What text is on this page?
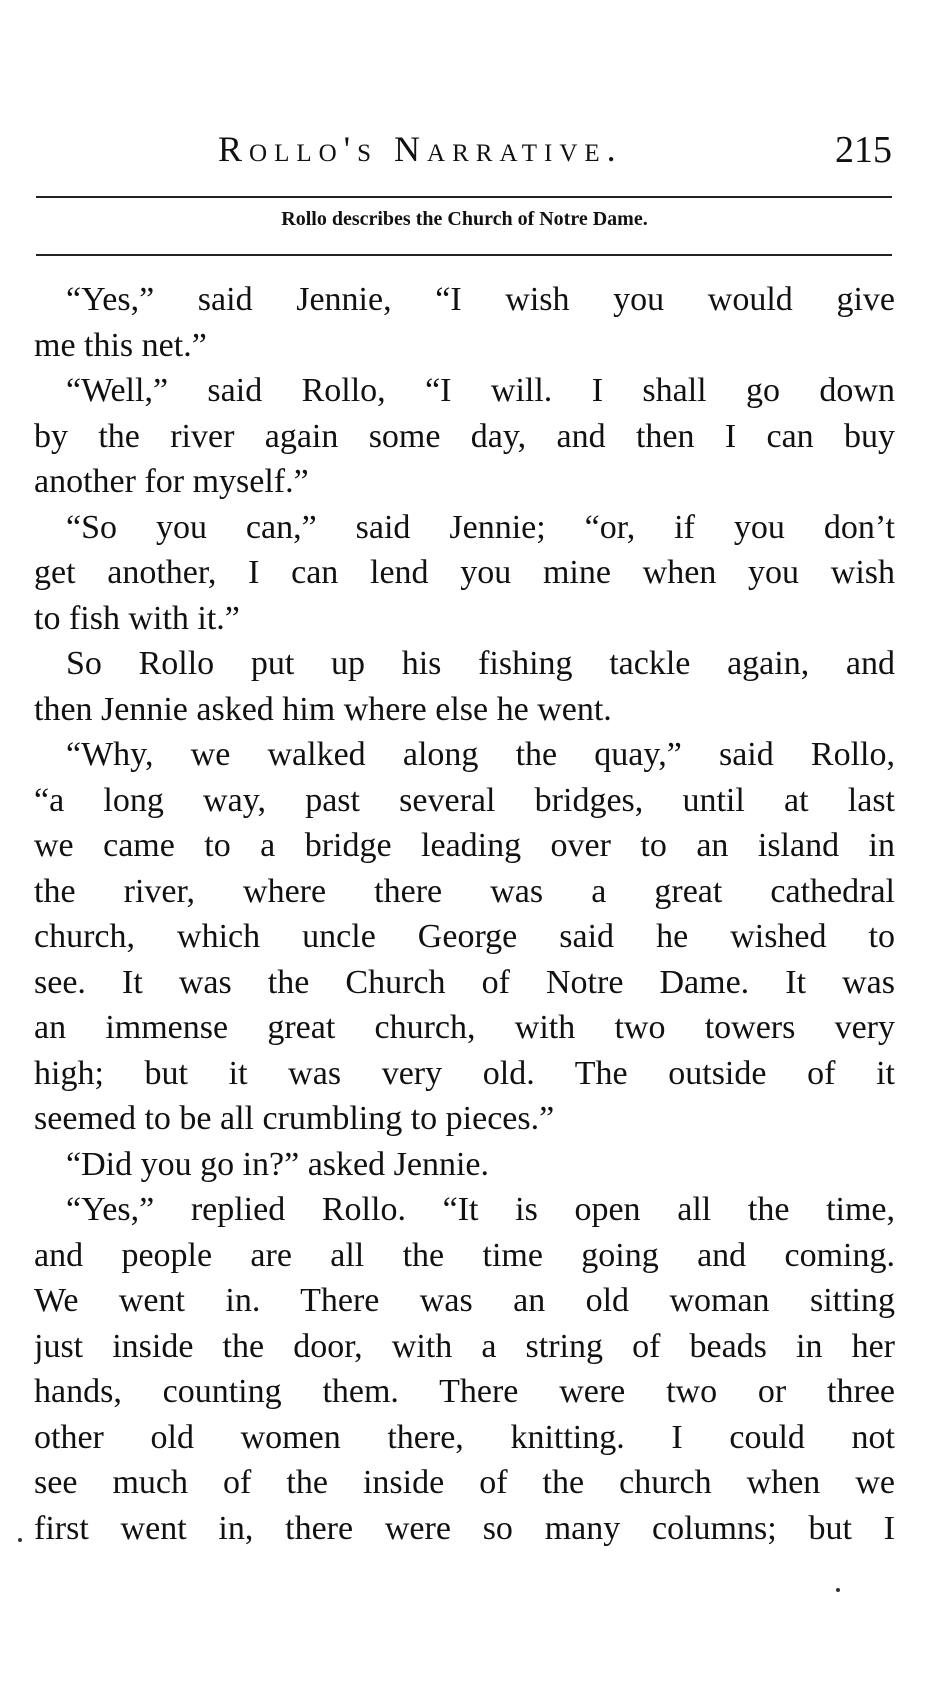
Rollo's Narrative.	215
Rollo describes the Church of Notre Dame.
“Yes,” said Jennie, “I wish you would give
me this net.”
“Well,” said Rollo, “I will. I shall go down
by the river again some day, and then I can buy
another for myself.”
“So you can,” said Jennie; “or, if you don’t
get another, I can lend you mine when you wish
to fish with it.”
So Rollo put up his fishing tackle again, and
then Jennie asked him where else he went.
“Why, we walked along the quay,” said Rollo,
“a long way, past several bridges, until at last
we came to a bridge leading over to an island in
the river, where there was a great cathedral
church, which uncle George said he wished to
see. It was the Church of Notre Dame. It was
an immense great church, with two towers very
high; but it was very old. The outside of it
seemed to be all crumbling to pieces.”
“Did you go in?” asked Jennie.
“Yes,” replied Rollo. “It is open all the time,
and people are all the time going and coming.
We went in. There was an old woman sitting
just inside the door, with a string of beads in her
hands, counting them. There were two or three
other old women there, knitting. I could not
see much of the inside of the church when we
first went in, there were so many columns; but I
